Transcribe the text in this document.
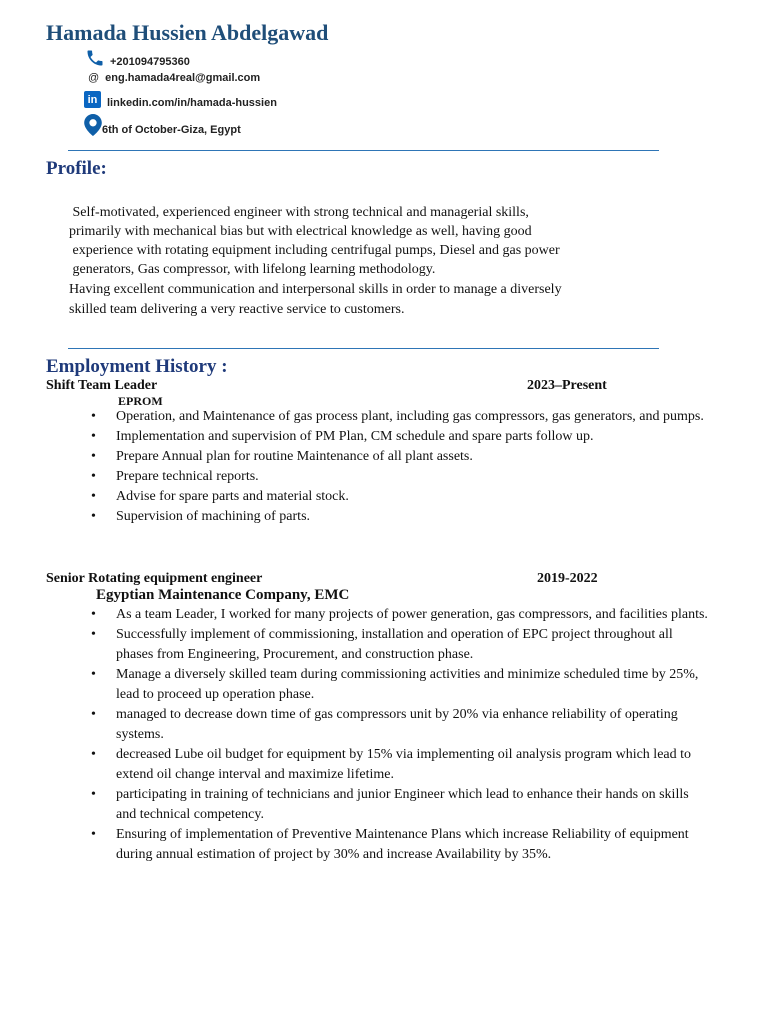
Hamada Hussien Abdelgawad
+201094795360
@ eng.hamada4real@gmail.com
in linkedin.com/in/hamada-hussien
6th of October-Giza, Egypt
Profile:
Self-motivated, experienced engineer with strong technical and managerial skills,
primarily with mechanical bias but with electrical knowledge as well, having good
experience with rotating equipment including centrifugal pumps, Diesel and gas power
generators, Gas compressor, with lifelong learning methodology.
Having excellent communication and interpersonal skills in order to manage a diversely
skilled team delivering a very reactive service to customers.
Employment History :
Shift Team Leader	2023–Present
EPROM
• Operation, and Maintenance of gas process plant, including gas compressors, gas generators, and pumps.
• Implementation and supervision of PM Plan, CM schedule and spare parts follow up.
• Prepare Annual plan for routine Maintenance of all plant assets.
• Prepare technical reports.
• Advise for spare parts and material stock.
• Supervision of machining of parts.
Senior Rotating equipment engineer	2019-2022
Egyptian Maintenance Company, EMC
• As a team Leader, I worked for many projects of power generation, gas compressors, and facilities plants.
• Successfully implement of commissioning, installation and operation of EPC project throughout all phases from Engineering, Procurement, and construction phase.
• Manage a diversely skilled team during commissioning activities and minimize scheduled time by 25%, lead to proceed up operation phase.
• managed to decrease down time of gas compressors unit by 20% via enhance reliability of operating systems.
• decreased Lube oil budget for equipment by 15% via implementing oil analysis program which lead to extend oil change interval and maximize lifetime.
• participating in training of technicians and junior Engineer which lead to enhance their hands on skills and technical competency.
• Ensuring of implementation of Preventive Maintenance Plans which increase Reliability of equipment during annual estimation of project by 30% and increase Availability by 35%.
